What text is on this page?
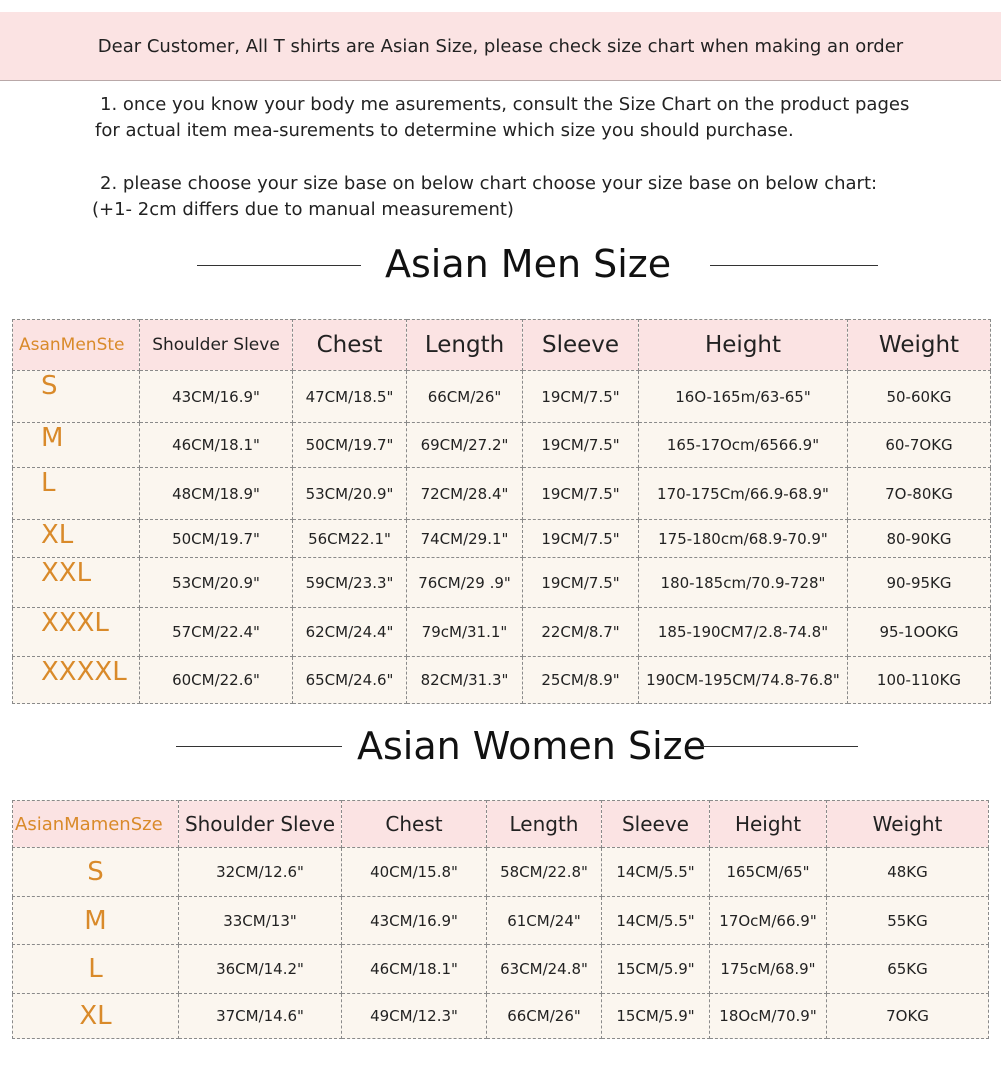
Dear Customer, All T shirts are Asian Size, please check size chart when making an order
1. once you know your body me asurements, consult the Size Chart on the product pages
for actual item mea-surements to determine which size you should purchase.
2. please choose your size base on below chart choose your size base on below chart:
(+1- 2cm differs due to manual measurement)
Asian Men Size
AsanMenSte	Shoulder Sleve	Chest	Length	Sleeve	Height	Weight
S	43CM/16.9"	47CM/18.5"	66CM/26"	19CM/7.5"	16O-165m/63-65"	50-60KG
M	46CM/18.1"	50CM/19.7"	69CM/27.2"	19CM/7.5"	165-17Ocm/6566.9"	60-7OKG
L	48CM/18.9"	53CM/20.9"	72CM/28.4"	19CM/7.5"	170-175Cm/66.9-68.9"	7O-80KG
XL	50CM/19.7"	56CM22.1"	74CM/29.1"	19CM/7.5"	175-180cm/68.9-70.9"	80-90KG
XXL	53CM/20.9"	59CM/23.3"	76CM/29 .9"	19CM/7.5"	180-185cm/70.9-728"	90-95KG
XXXL	57CM/22.4"	62CM/24.4"	79cM/31.1"	22CM/8.7"	185-190CM7/2.8-74.8"	95-1OOKG
XXXXL	60CM/22.6"	65CM/24.6"	82CM/31.3"	25CM/8.9"	190CM-195CM/74.8-76.8"	100-110KG
Asian Women Size
AsianMamenSze	Shoulder Sleve	Chest	Length	Sleeve	Height	Weight
S	32CM/12.6"	40CM/15.8"	58CM/22.8"	14CM/5.5"	165CM/65"	48KG
M	33CM/13"	43CM/16.9"	61CM/24"	14CM/5.5"	17OcM/66.9"	55KG
L	36CM/14.2"	46CM/18.1"	63CM/24.8"	15CM/5.9"	175cM/68.9"	65KG
XL	37CM/14.6"	49CM/12.3"	66CM/26"	15CM/5.9"	18OcM/70.9"	7OKG
